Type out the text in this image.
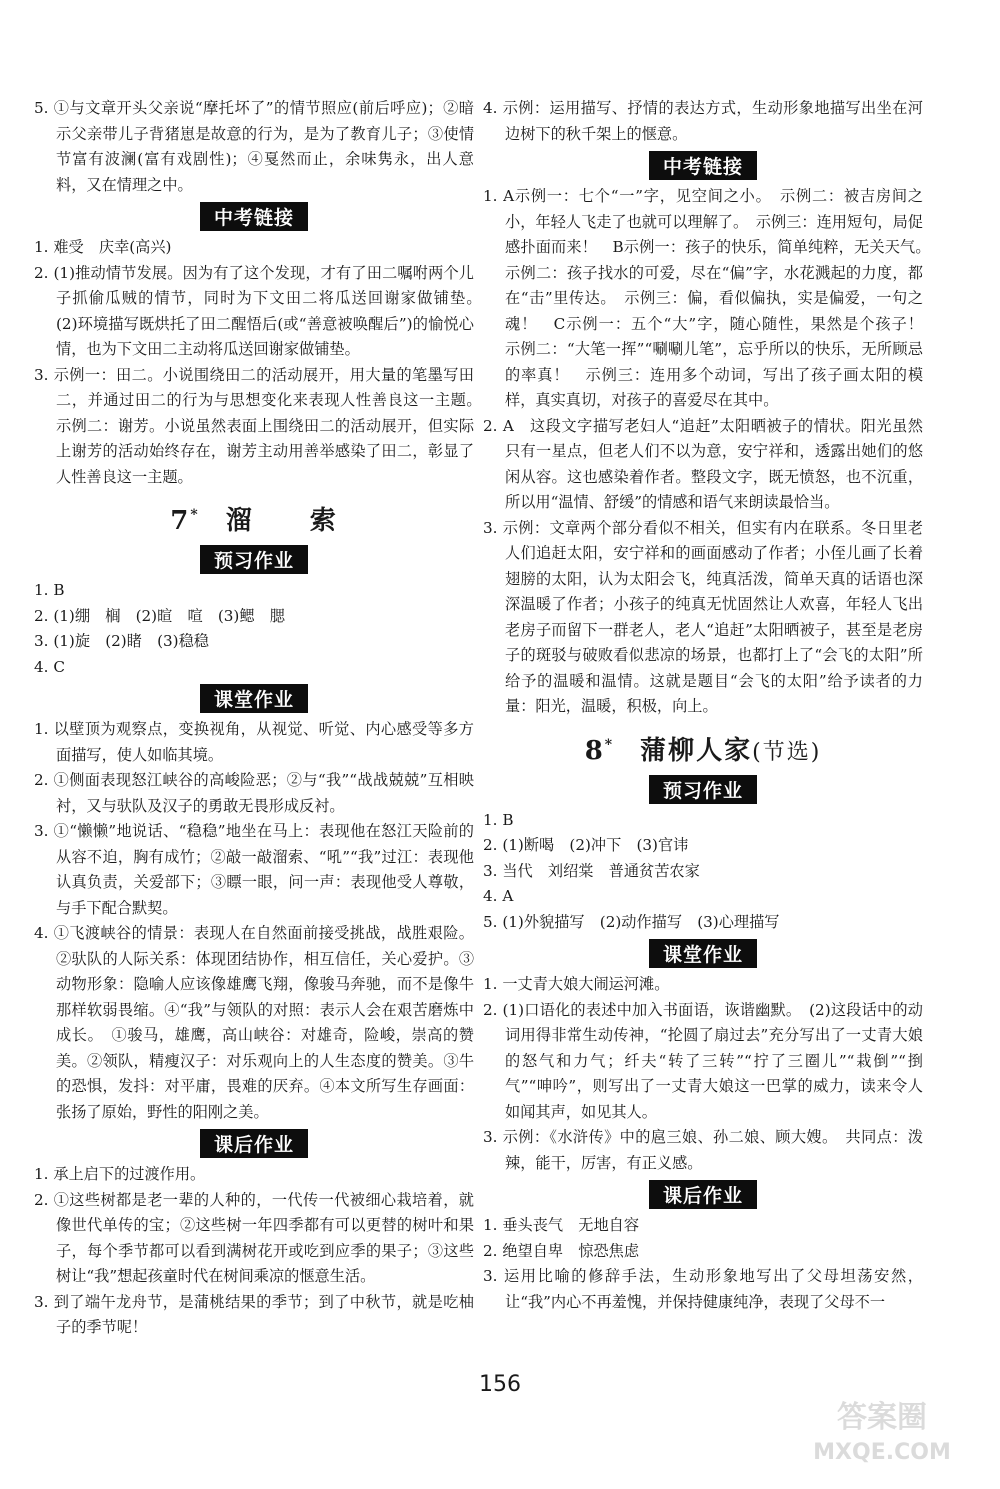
5. ①与文章开头父亲说“摩托坏了”的情节照应(前后呼应)；②暗示父亲带儿子背猪崽是故意的行为，是为了教育儿子；③使情节富有波澜(富有戏剧性)；④戛然而止，余味隽永，出人意料，又在情理之中。

中考链接

1. 难受　庆幸(高兴)

2. (1)推动情节发展。因为有了这个发现，才有了田二嘱咐两个儿子抓偷瓜贼的情节，同时为下文田二将瓜送回谢家做铺垫。　(2)环境描写既烘托了田二醒悟后(或“善意被唤醒后”)的愉悦心情，也为下文田二主动将瓜送回谢家做铺垫。

3. 示例一：田二。小说围绕田二的活动展开，用大量的笔墨写田二，并通过田二的行为与思想变化来表现人性善良这一主题。　示例二：谢芳。小说虽然表面上围绕田二的活动展开，但实际上谢芳的活动始终存在，谢芳主动用善举感染了田二，彰显了人性善良这一主题。

7* 溜　　索
预习作业

1. B

2. (1)绷　榈　(2)暄　喧　(3)鳃　腮

3. (1)旋　(2)睹　(3)稳稳

4. C

课堂作业

1. 以壁顶为观察点，变换视角，从视觉、听觉、内心感受等多方面描写，使人如临其境。

2. ①侧面表现怒江峡谷的高峻险恶；②与“我”“战战兢兢”互相映衬，又与驮队及汉子的勇敢无畏形成反衬。

3. ①“懒懒”地说话、“稳稳”地坐在马上：表现他在怒江天险前的从容不迫，胸有成竹；②敲一敲溜索、“吼”“我”过江：表现他认真负责，关爱部下；③瞟一眼，问一声：表现他受人尊敬，与手下配合默契。

4. ①飞渡峡谷的情景：表现人在自然面前接受挑战，战胜艰险。②驮队的人际关系：体现团结协作，相互信任，关心爱护。③动物形象：隐喻人应该像雄鹰飞翔，像骏马奔驰，而不是像牛那样软弱畏缩。④“我”与领队的对照：表示人会在艰苦磨炼中成长。　①骏马，雄鹰，高山峡谷：对雄奇，险峻，崇高的赞美。②领队，精瘦汉子：对乐观向上的人生态度的赞美。③牛的恐惧，发抖：对平庸，畏难的厌弃。④本文所写生存画面：张扬了原始，野性的阳刚之美。

课后作业

1. 承上启下的过渡作用。

2. ①这些树都是老一辈的人种的，一代传一代被细心栽培着，就像世代单传的宝；②这些树一年四季都有可以更替的树叶和果子，每个季节都可以看到满树花开或吃到应季的果子；③这些树让“我”想起孩童时代在树间乘凉的惬意生活。

3. 到了端午龙舟节，是蒲桃结果的季节；到了中秋节，就是吃柚子的季节呢！

4. 示例：运用描写、抒情的表达方式，生动形象地描写出坐在河边树下的秋千架上的惬意。

中考链接

1. A示例一：七个“一”字，见空间之小。　示例二：被吉房间之小，年轻人飞走了也就可以理解了。　示例三：连用短句，局促感扑面而来！　B示例一：孩子的快乐，简单纯粹，无关天气。　示例二：孩子找水的可爱，尽在“偏”字，水花溅起的力度，都在“击”里传达。　示例三：偏，看似偏执，实是偏爱，一句之魂！　C示例一：五个“大”字，随心随性，果然是个孩子！　示例二：“大笔一挥”“唰唰儿笔”，忘乎所以的快乐，无所顾忌的率真！　示例三：连用多个动词，写出了孩子画太阳的模样，真实真切，对孩子的喜爱尽在其中。

2. A　这段文字描写老妇人“追赶”太阳晒被子的情状。阳光虽然只有一星点，但老人们不以为意，安宁祥和，透露出她们的悠闲从容。这也感染着作者。整段文字，既无愤怒，也不沉重，所以用“温情、舒缓”的情感和语气来朗读最恰当。

3. 示例：文章两个部分看似不相关，但实有内在联系。冬日里老人们追赶太阳，安宁祥和的画面感动了作者；小侄儿画了长着翅膀的太阳，认为太阳会飞，纯真活泼，简单天真的话语也深深温暖了作者；小孩子的纯真无忧固然让人欢喜，年轻人飞出老房子而留下一群老人，老人“追赶”太阳晒被子，甚至是老房子的斑驳与破败看似悲凉的场景，也都打上了“会飞的太阳”所给予的温暖和温情。这就是题目“会飞的太阳”给予读者的力量：阳光，温暖，积极，向上。

8* 蒲柳人家(节选)
预习作业

1. B

2. (1)断喝　(2)冲下　(3)官讳

3. 当代　刘绍棠　普通贫苦农家

4. A

5. (1)外貌描写　(2)动作描写　(3)心理描写

课堂作业

1. 一丈青大娘大闹运河滩。

2. (1)口语化的表述中加入书面语，诙谐幽默。　(2)这段话中的动词用得非常生动传神，“抡圆了扇过去”充分写出了一丈青大娘的怒气和力气；纤夫“转了三转”“拧了三圈儿”“栽倒”“捯气”“呻吟”，则写出了一丈青大娘这一巴掌的威力，读来令人如闻其声，如见其人。

3. 示例：《水浒传》中的扈三娘、孙二娘、顾大嫂。　共同点：泼辣，能干，厉害，有正义感。

课后作业

1. 垂头丧气　无地自容

2. 绝望自卑　惊恐焦虑

3. 运用比喻的修辞手法，生动形象地写出了父母坦荡安然，让“我”内心不再羞愧，并保持健康纯净，表现了父母不一

156
答案圈
MXQE.COM
